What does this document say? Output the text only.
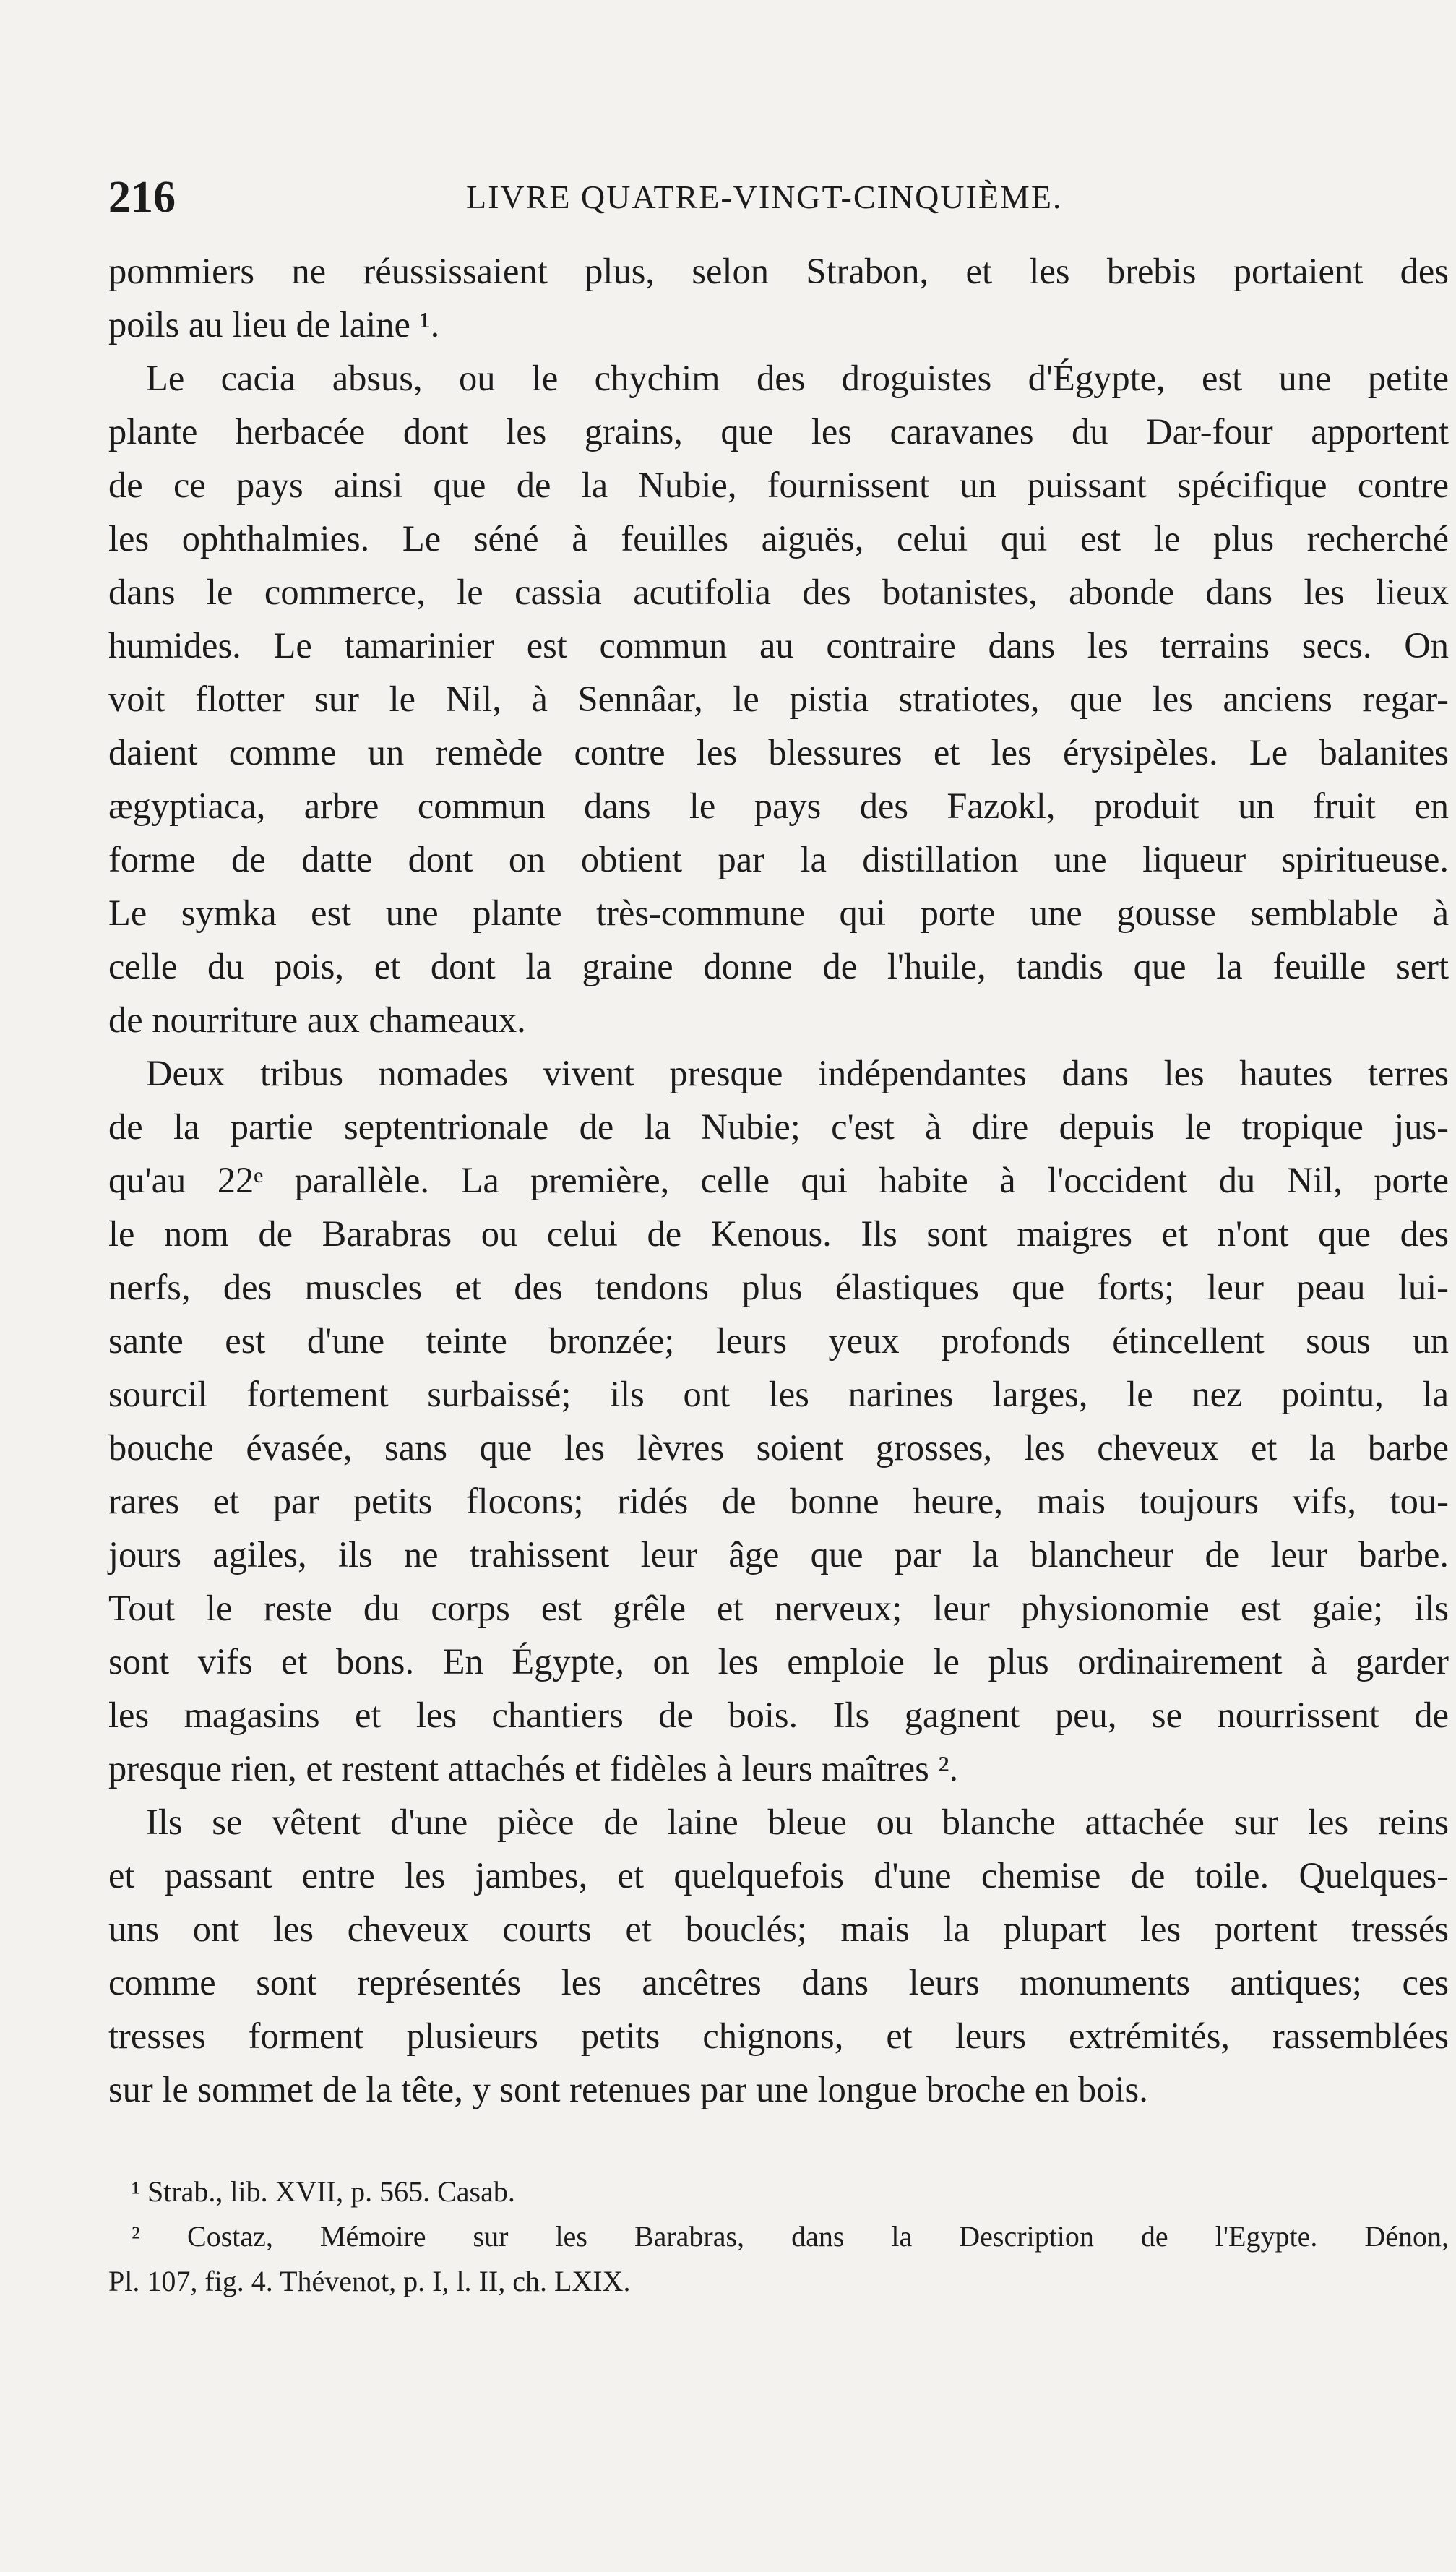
216	LIVRE QUATRE-VINGT-CINQUIÈME.
pommiers ne réussissaient plus, selon Strabon, et les brebis portaient des
poils au lieu de laine ¹.
Le cacia absus, ou le chychim des droguistes d'Égypte, est une petite
plante herbacée dont les grains, que les caravanes du Dar-four apportent
de ce pays ainsi que de la Nubie, fournissent un puissant spécifique contre
les ophthalmies. Le séné à feuilles aiguës, celui qui est le plus recherché
dans le commerce, le cassia acutifolia des botanistes, abonde dans les lieux
humides. Le tamarinier est commun au contraire dans les terrains secs. On
voit flotter sur le Nil, à Sennâar, le pistia stratiotes, que les anciens regar-
daient comme un remède contre les blessures et les érysipèles. Le balanites
ægyptiaca, arbre commun dans le pays des Fazokl, produit un fruit en
forme de datte dont on obtient par la distillation une liqueur spiritueuse.
Le symka est une plante très-commune qui porte une gousse semblable à
celle du pois, et dont la graine donne de l'huile, tandis que la feuille sert
de nourriture aux chameaux.
Deux tribus nomades vivent presque indépendantes dans les hautes terres
de la partie septentrionale de la Nubie; c'est à dire depuis le tropique jus-
qu'au 22ᵉ parallèle. La première, celle qui habite à l'occident du Nil, porte
le nom de Barabras ou celui de Kenous. Ils sont maigres et n'ont que des
nerfs, des muscles et des tendons plus élastiques que forts; leur peau lui-
sante est d'une teinte bronzée; leurs yeux profonds étincellent sous un
sourcil fortement surbaissé; ils ont les narines larges, le nez pointu, la
bouche évasée, sans que les lèvres soient grosses, les cheveux et la barbe
rares et par petits flocons; ridés de bonne heure, mais toujours vifs, tou-
jours agiles, ils ne trahissent leur âge que par la blancheur de leur barbe.
Tout le reste du corps est grêle et nerveux; leur physionomie est gaie; ils
sont vifs et bons. En Égypte, on les emploie le plus ordinairement à garder
les magasins et les chantiers de bois. Ils gagnent peu, se nourrissent de
presque rien, et restent attachés et fidèles à leurs maîtres ².
Ils se vêtent d'une pièce de laine bleue ou blanche attachée sur les reins
et passant entre les jambes, et quelquefois d'une chemise de toile. Quelques-
uns ont les cheveux courts et bouclés; mais la plupart les portent tressés
comme sont représentés les ancêtres dans leurs monuments antiques; ces
tresses forment plusieurs petits chignons, et leurs extrémités, rassemblées
sur le sommet de la tête, y sont retenues par une longue broche en bois.
¹ Strab., lib. XVII, p. 565. Casab.
² Costaz, Mémoire sur les Barabras, dans la Description de l'Egypte. Dénon,
Pl. 107, fig. 4. Thévenot, p. I, l. II, ch. LXIX.
